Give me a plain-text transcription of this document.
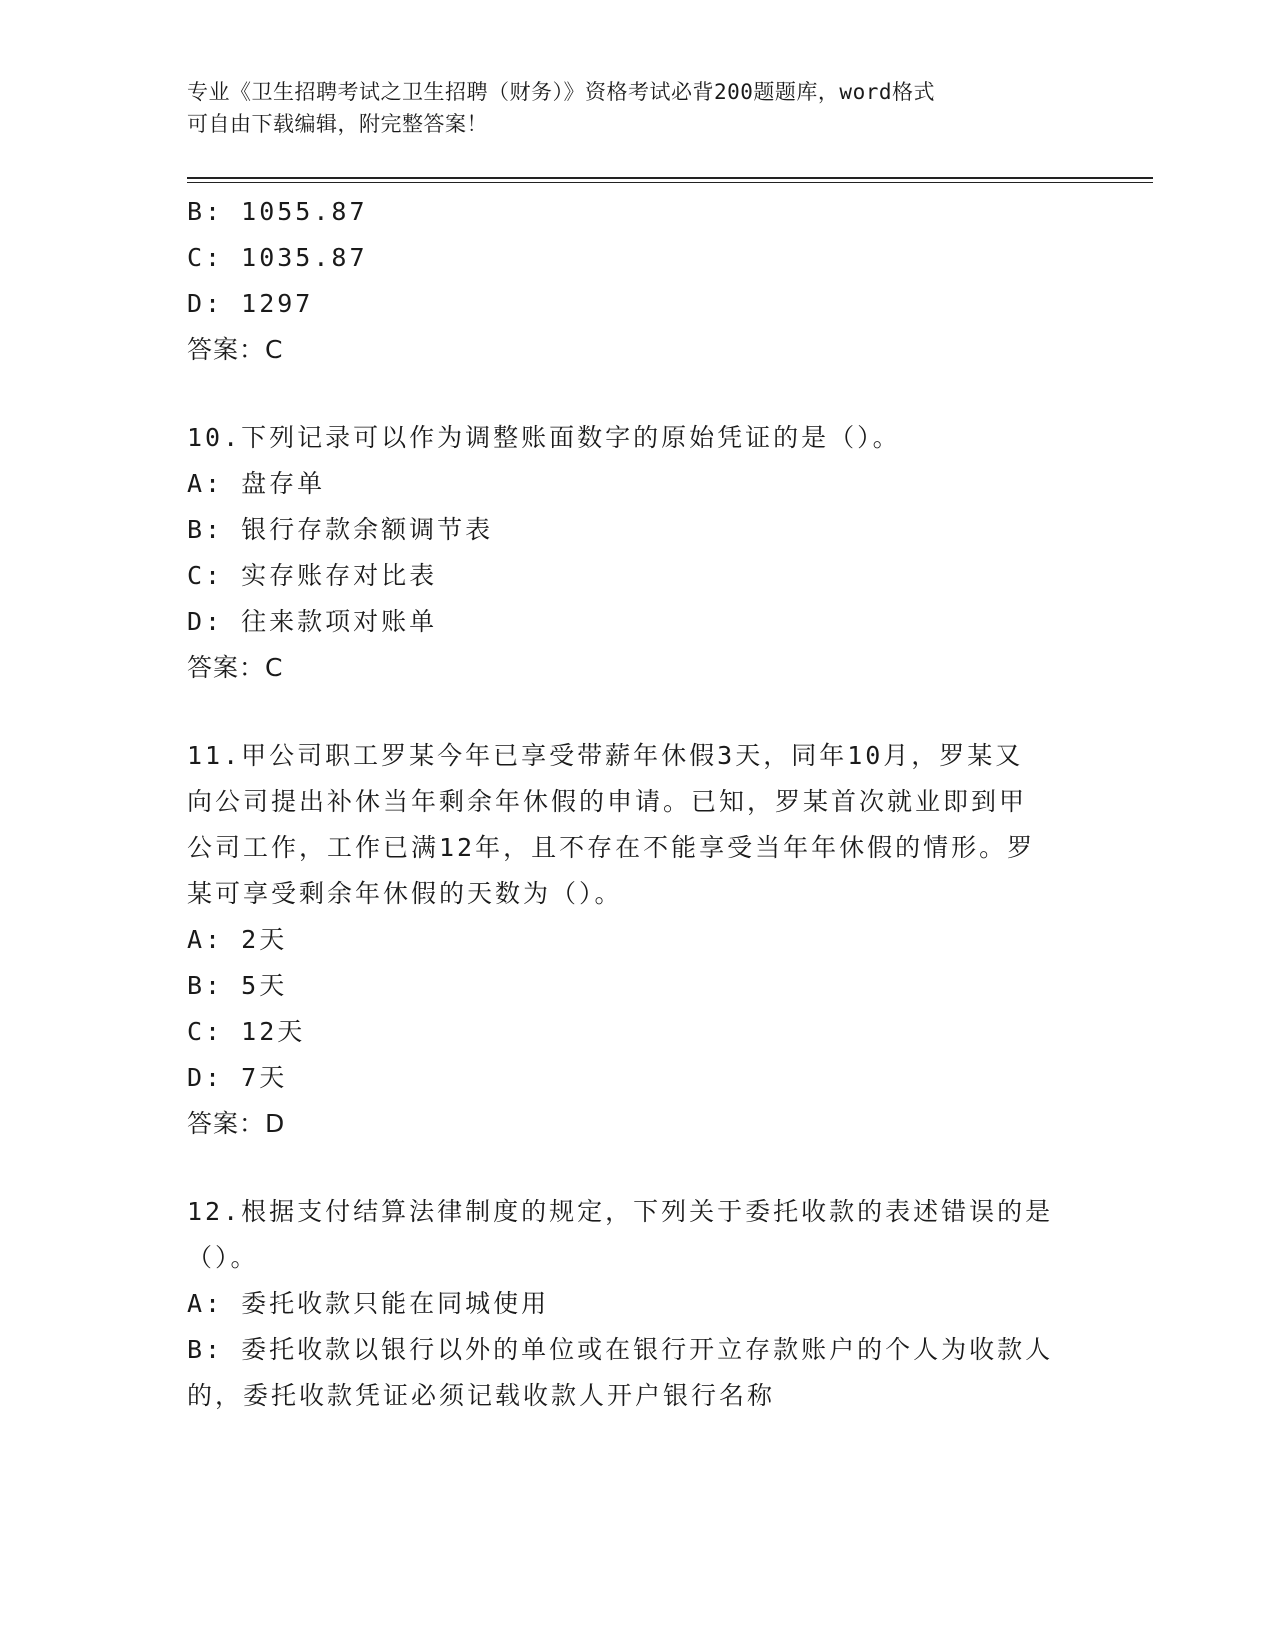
专业《卫生招聘考试之卫生招聘（财务）》资格考试必背200题题库，word格式
可自由下载编辑，附完整答案！
B: 1055.87
C: 1035.87
D: 1297
答案：C
10.下列记录可以作为调整账面数字的原始凭证的是（）。
A: 盘存单
B: 银行存款余额调节表
C: 实存账存对比表
D: 往来款项对账单
答案：C
11.甲公司职工罗某今年已享受带薪年休假3天，同年10月，罗某又
向公司提出补休当年剩余年休假的申请。已知，罗某首次就业即到甲
公司工作，工作已满12年，且不存在不能享受当年年休假的情形。罗
某可享受剩余年休假的天数为（）。
A: 2天
B: 5天
C: 12天
D: 7天
答案：D
12.根据支付结算法律制度的规定，下列关于委托收款的表述错误的是
（）。
A: 委托收款只能在同城使用
B: 委托收款以银行以外的单位或在银行开立存款账户的个人为收款人
的，委托收款凭证必须记载收款人开户银行名称
